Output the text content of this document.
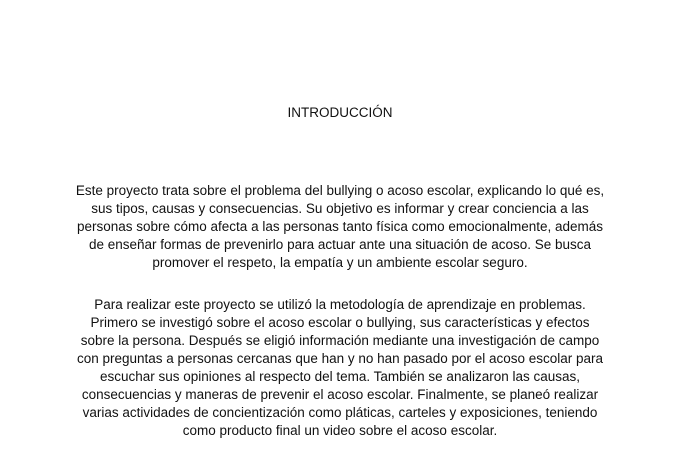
INTRODUCCIÓN

Este proyecto trata sobre el problema del bullying o acoso escolar, explicando lo qué es, sus tipos, causas y consecuencias. Su objetivo es informar y crear conciencia a las personas sobre cómo afecta a las personas tanto física como emocionalmente, además de enseñar formas de prevenirlo para actuar ante una situación de acoso. Se busca promover el respeto, la empatía y un ambiente escolar seguro.

Para realizar este proyecto se utilizó la metodología de aprendizaje en problemas. Primero se investigó sobre el acoso escolar o bullying, sus características y efectos sobre la persona. Después se eligió información mediante una investigación de campo con preguntas a personas cercanas que han y no han pasado por el acoso escolar para escuchar sus opiniones al respecto del tema. También se analizaron las causas, consecuencias y maneras de prevenir el acoso escolar. Finalmente, se planeó realizar varias actividades de concientización como pláticas, carteles y exposiciones, teniendo como producto final un video sobre el acoso escolar.
